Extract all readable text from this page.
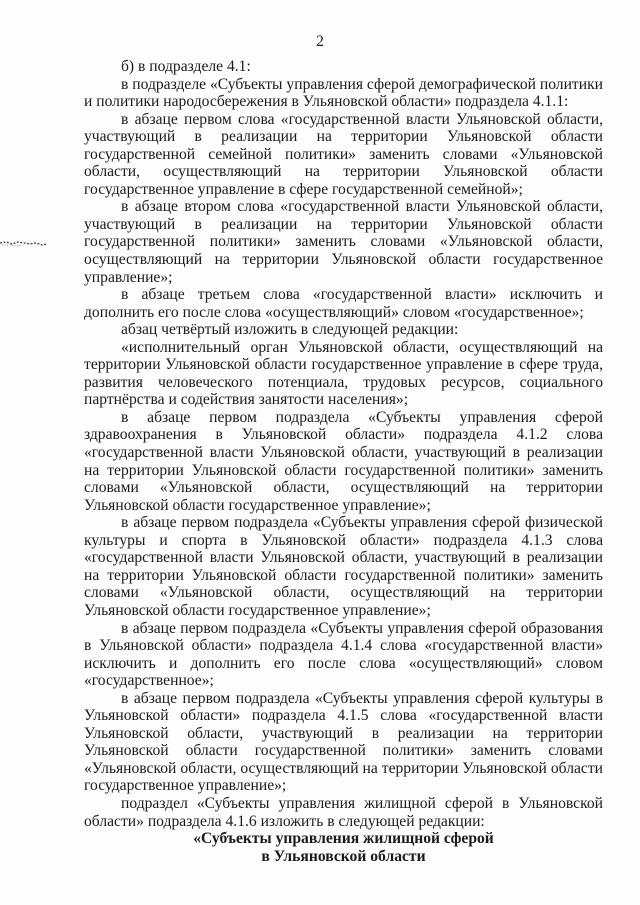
2

б) в подразделе 4.1:

в подразделе «Субъекты управления сферой демографической политики и политики народосбережения в Ульяновской области» подраздела 4.1.1:

в абзаце первом слова «государственной власти Ульяновской области, участвующий в реализации на территории Ульяновской области государственной семейной политики» заменить словами «Ульяновской области, осуществляющий на территории Ульяновской области государственное управление в сфере государственной семейной»;

в абзаце втором слова «государственной власти Ульяновской области, участвующий в реализации на территории Ульяновской области государственной политики» заменить словами «Ульяновской области, осуществляющий на территории Ульяновской области государственное управление»;

в абзаце третьем слова «государственной власти» исключить и дополнить его после слова «осуществляющий» словом «государственное»;

абзац четвёртый изложить в следующей редакции:

«исполнительный орган Ульяновской области, осуществляющий на территории Ульяновской области государственное управление в сфере труда, развития человеческого потенциала, трудовых ресурсов, социального партнёрства и содействия занятости населения»;

в абзаце первом подраздела «Субъекты управления сферой здравоохранения в Ульяновской области» подраздела 4.1.2 слова «государственной власти Ульяновской области, участвующий в реализации на территории Ульяновской области государственной политики» заменить словами «Ульяновской области, осуществляющий на территории Ульяновской области государственное управление»;

в абзаце первом подраздела «Субъекты управления сферой физической культуры и спорта в Ульяновской области» подраздела 4.1.3 слова «государственной власти Ульяновской области, участвующий в реализации на территории Ульяновской области государственной политики» заменить словами «Ульяновской области, осуществляющий на территории Ульяновской области государственное управление»;

в абзаце первом подраздела «Субъекты управления сферой образования в Ульяновской области» подраздела 4.1.4 слова «государственной власти» исключить и дополнить его после слова «осуществляющий» словом «государственное»;

в абзаце первом подраздела «Субъекты управления сферой культуры в Ульяновской области» подраздела 4.1.5 слова «государственной власти Ульяновской области, участвующий в реализации на территории Ульяновской области государственной политики» заменить словами «Ульяновской области, осуществляющий на территории Ульяновской области государственное управление»;

подраздел «Субъекты управления жилищной сферой в Ульяновской области» подраздела 4.1.6 изложить в следующей редакции:

«Субъекты управления жилищной сферой
в Ульяновской области
